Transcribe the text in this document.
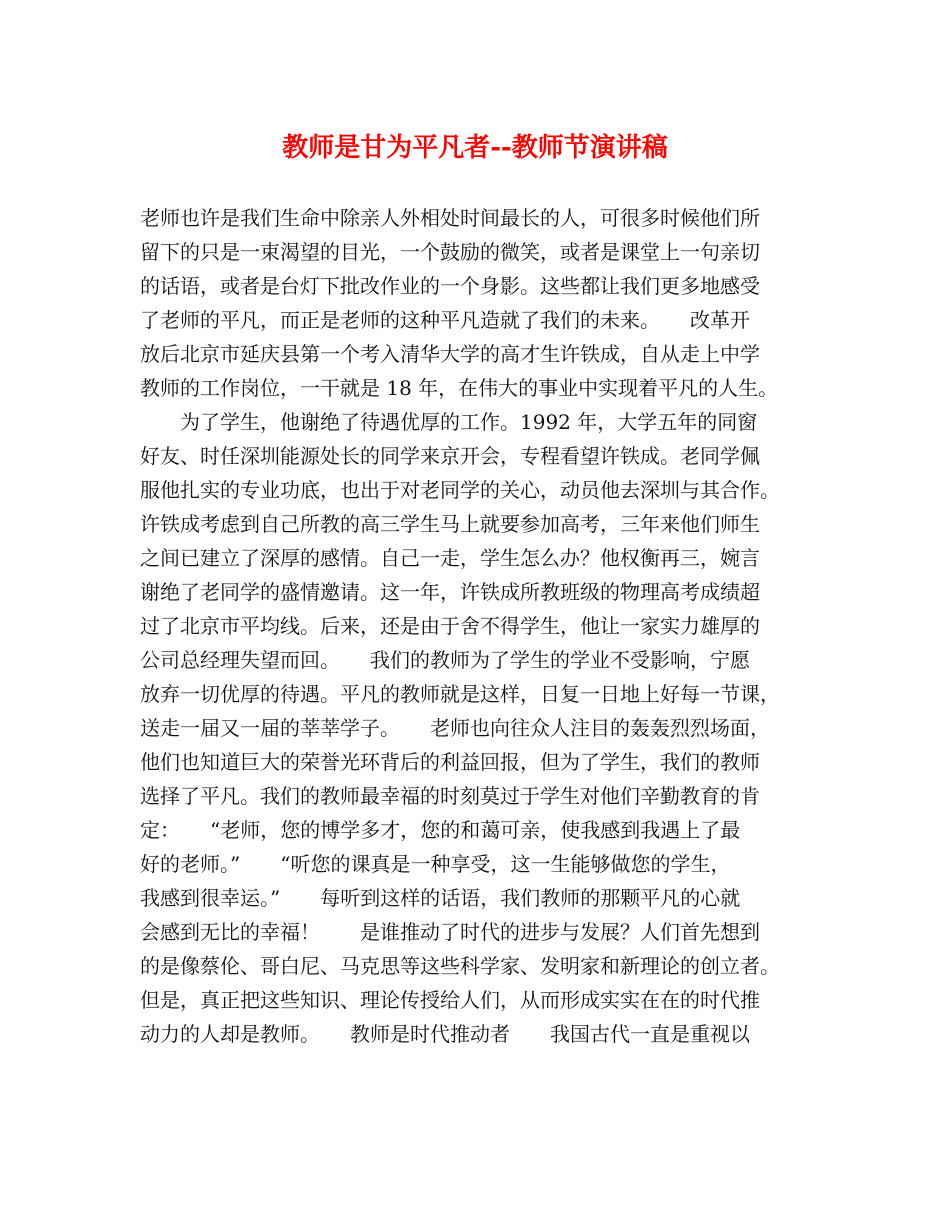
教师是甘为平凡者--教师节演讲稿

老师也许是我们生命中除亲人外相处时间最长的人，可很多时候他们所

留下的只是一束渴望的目光，一个鼓励的微笑，或者是课堂上一句亲切

的话语，或者是台灯下批改作业的一个身影。这些都让我们更多地感受

了老师的平凡，而正是老师的这种平凡造就了我们的未来。　　改革开

放后北京市延庆县第一个考入清华大学的高才生许铁成，自从走上中学

教师的工作岗位，一干就是 18 年，在伟大的事业中实现着平凡的人生。

　　为了学生，他谢绝了待遇优厚的工作。1992 年，大学五年的同窗

好友、时任深圳能源处长的同学来京开会，专程看望许铁成。老同学佩

服他扎实的专业功底，也出于对老同学的关心，动员他去深圳与其合作。

许铁成考虑到自己所教的高三学生马上就要参加高考，三年来他们师生

之间已建立了深厚的感情。自己一走，学生怎么办？他权衡再三，婉言

谢绝了老同学的盛情邀请。这一年，许铁成所教班级的物理高考成绩超

过了北京市平均线。后来，还是由于舍不得学生，他让一家实力雄厚的

公司总经理失望而回。　　我们的教师为了学生的学业不受影响，宁愿

放弃一切优厚的待遇。平凡的教师就是这样，日复一日地上好每一节课，

送走一届又一届的莘莘学子。　　老师也向往众人注目的轰轰烈烈场面，

他们也知道巨大的荣誉光环背后的利益回报，但为了学生，我们的教师

选择了平凡。我们的教师最幸福的时刻莫过于学生对他们辛勤教育的肯

定：　　“老师，您的博学多才，您的和蔼可亲，使我感到我遇上了最

好的老师。”　　“听您的课真是一种享受，这一生能够做您的学生，

我感到很幸运。”　　每听到这样的话语，我们教师的那颗平凡的心就

会感到无比的幸福！　　是谁推动了时代的进步与发展？人们首先想到

的是像蔡伦、哥白尼、马克思等这些科学家、发明家和新理论的创立者。

但是，真正把这些知识、理论传授给人们，从而形成实实在在的时代推

动力的人却是教师。　　教师是时代推动者　　我国古代一直是重视以
